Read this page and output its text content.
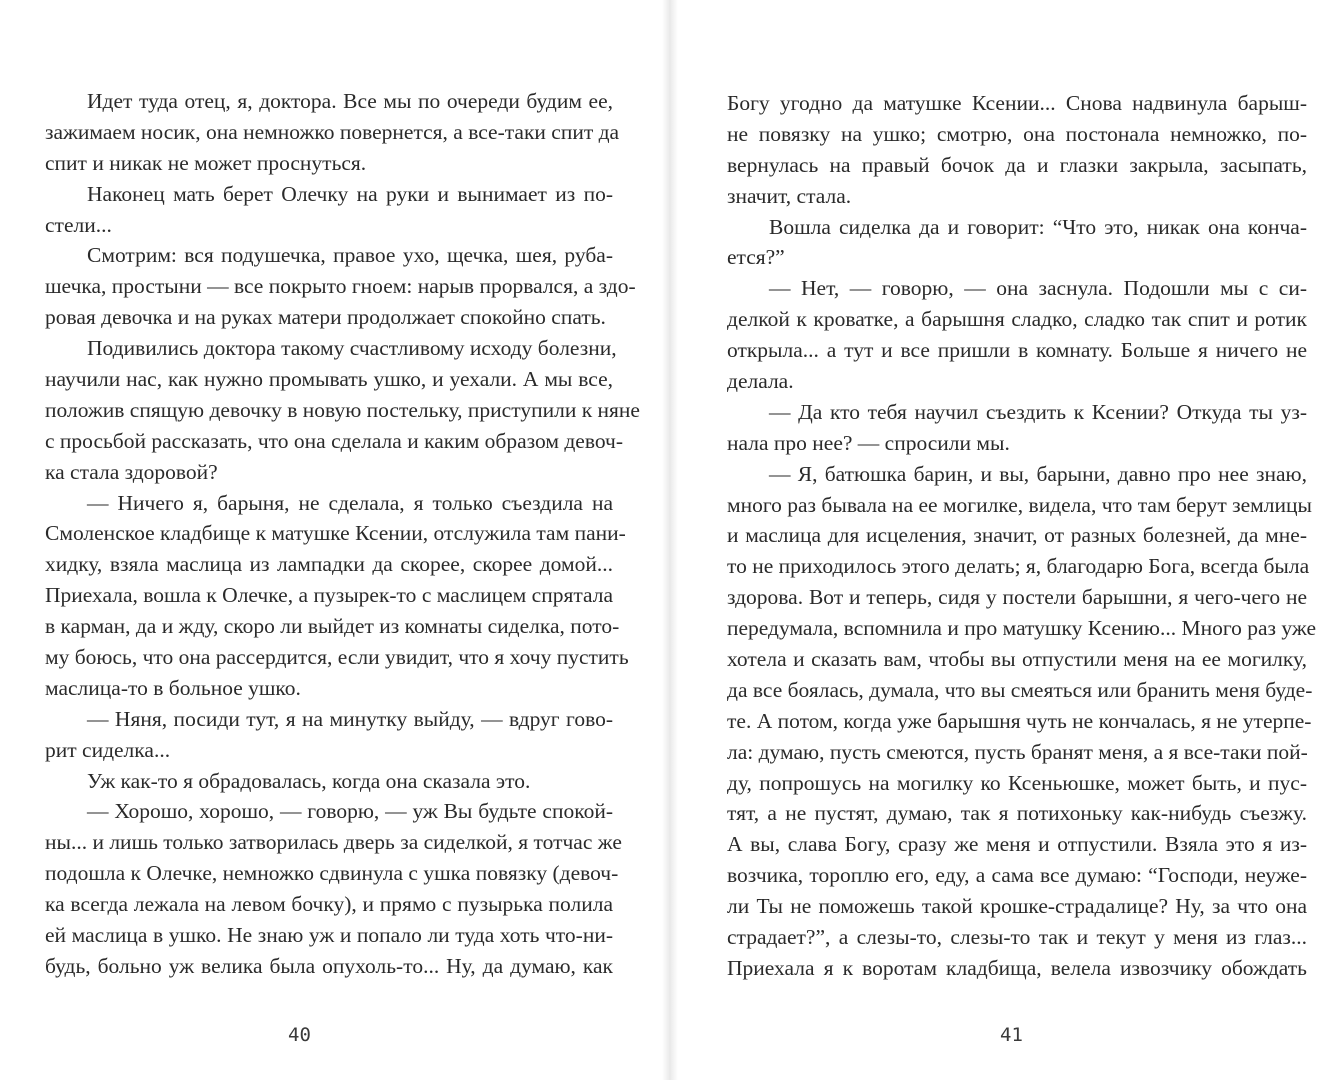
Идет туда отец, я, доктора. Все мы по очереди будим ее,
зажимаем носик, она немножко повернется, а все-таки спит да
спит и никак не может проснуться.
Наконец мать берет Олечку на руки и вынимает из по-
стели...
Смотрим: вся подушечка, правое ухо, щечка, шея, руба-
шечка, простыни — все покрыто гноем: нарыв прорвался, а здо-
ровая девочка и на руках матери продолжает спокойно спать.
Подивились доктора такому счастливому исходу болезни,
научили нас, как нужно промывать ушко, и уехали. А мы все,
положив спящую девочку в новую постельку, приступили к няне
с просьбой рассказать, что она сделала и каким образом девоч-
ка стала здоровой?
— Ничего я, барыня, не сделала, я только съездила на
Смоленское кладбище к матушке Ксении, отслужила там пани-
хидку, взяла маслица из лампадки да скорее, скорее домой...
Приехала, вошла к Олечке, а пузырек-то с маслицем спрятала
в карман, да и жду, скоро ли выйдет из комнаты сиделка, пото-
му боюсь, что она рассердится, если увидит, что я хочу пустить
маслица-то в больное ушко.
— Няня, посиди тут, я на минутку выйду, — вдруг гово-
рит сиделка...
Уж как-то я обрадовалась, когда она сказала это.
— Хорошо, хорошо, — говорю, — уж Вы будьте спокой-
ны... и лишь только затворилась дверь за сиделкой, я тотчас же
подошла к Олечке, немножко сдвинула с ушка повязку (девоч-
ка всегда лежала на левом бочку), и прямо с пузырька полила
ей маслица в ушко. Не знаю уж и попало ли туда хоть что-ни-
будь, больно уж велика была опухоль-то... Ну, да думаю, как
40
Богу угодно да матушке Ксении... Снова надвинула барыш-
не повязку на ушко; смотрю, она постонала немножко, по-
вернулась на правый бочок да и глазки закрыла, засыпать,
значит, стала.
Вошла сиделка да и говорит: “Что это, никак она конча-
ется?”
— Нет, — говорю, — она заснула. Подошли мы с си-
делкой к кроватке, а барышня сладко, сладко так спит и ротик
открыла... а тут и все пришли в комнату. Больше я ничего не
делала.
— Да кто тебя научил съездить к Ксении? Откуда ты уз-
нала про нее? — спросили мы.
— Я, батюшка барин, и вы, барыни, давно про нее знаю,
много раз бывала на ее могилке, видела, что там берут землицы
и маслица для исцеления, значит, от разных болезней, да мне-
то не приходилось этого делать; я, благодарю Бога, всегда была
здорова. Вот и теперь, сидя у постели барышни, я чего-чего не
передумала, вспомнила и про матушку Ксению... Много раз уже
хотела и сказать вам, чтобы вы отпустили меня на ее могилку,
да все боялась, думала, что вы смеяться или бранить меня буде-
те. А потом, когда уже барышня чуть не кончалась, я не утерпе-
ла: думаю, пусть смеются, пусть бранят меня, а я все-таки пой-
ду, попрошусь на могилку ко Ксеньюшке, может быть, и пус-
тят, а не пустят, думаю, так я потихоньку как-нибудь съезжу.
А вы, слава Богу, сразу же меня и отпустили. Взяла это я из-
возчика, тороплю его, еду, а сама все думаю: “Господи, неуже-
ли Ты не поможешь такой крошке-страдалице? Ну, за что она
страдает?”, а слезы-то, слезы-то так и текут у меня из глаз...
Приехала я к воротам кладбища, велела извозчику обождать
41
